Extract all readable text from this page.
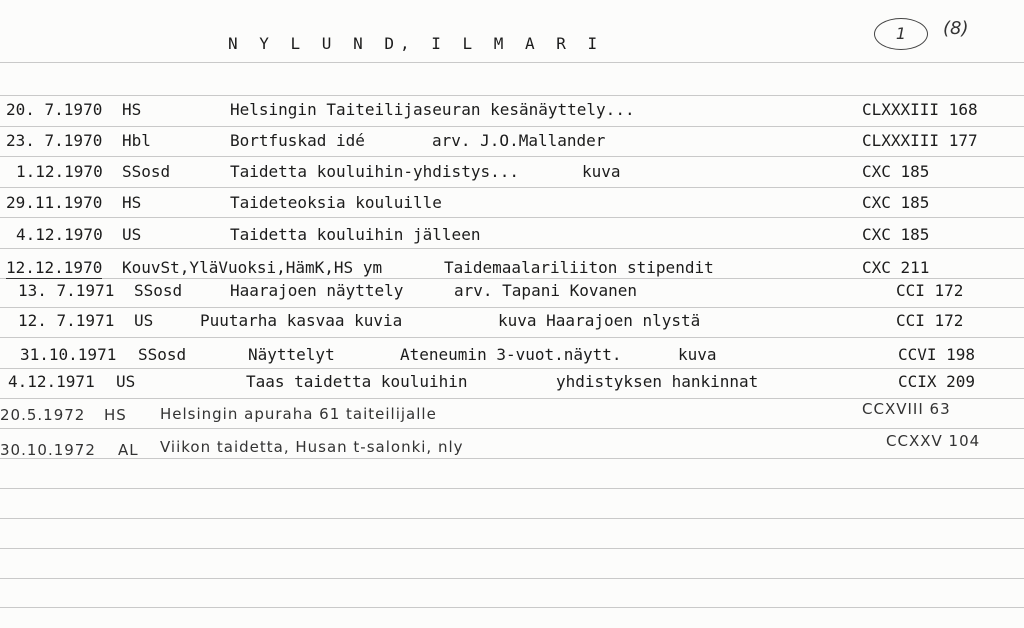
N Y L U N D, I L M A R I
1	(8)
20. 7.1970 HS	Helsingin Taiteilijaseuran kesänäyttely...	CLXXXIII 168
23. 7.1970 Hbl	Bortfuskad idé	arv. J.O.Mallander	CLXXXIII 177
1.12.1970 SSosd	Taidetta kouluihin-yhdistys...	kuva	CXC 185
29.11.1970 HS	Taideteoksia kouluille	CXC 185
4.12.1970 US	Taidetta kouluihin jälleen	CXC 185
12.12.1970 KouvSt,YläVuoksi,HämK,HS ym	Taidemaalariliiton stipendit	CXC 211
13. 7.1971 SSosd	Haarajoen näyttely	arv. Tapani Kovanen	CCI 172
12. 7.1971 US	Puutarha kasvaa kuvia	kuva Haarajoen nlystä	CCI 172
31.10.1971 SSosd	Näyttelyt	Ateneumin 3-vuot.näytt.	kuva	CCVI 198
4.12.1971 US	Taas taidetta kouluihin	yhdistyksen hankinnat	CCIX 209
20.5.1972 HS Helsingin apuraha 61 taiteilijalle	CCXVIII 63
30.10.1972 AL Viikon taidetta, Husan t-salonki, nly	CCXXV 104
